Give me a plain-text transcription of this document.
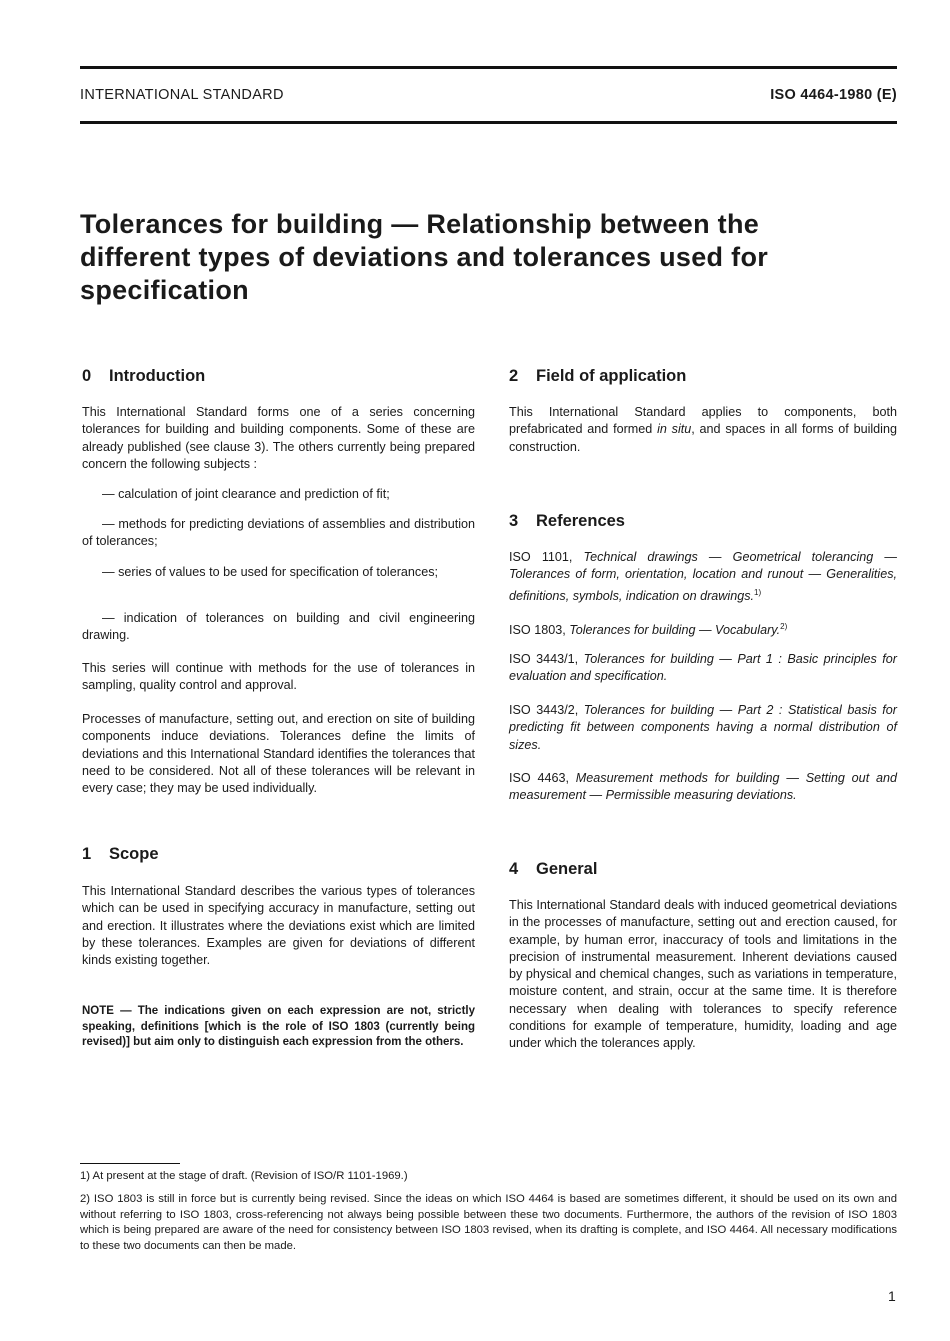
INTERNATIONAL STANDARD	ISO 4464-1980 (E)
Tolerances for building — Relationship between the
different types of deviations and tolerances used for
specification
0 Introduction

This International Standard forms one of a series concerning tolerances for building and building components. Some of these are already published (see clause 3). The others currently being prepared concern the following subjects :

— calculation of joint clearance and prediction of fit;

— methods for predicting deviations of assemblies and distribution of tolerances;

— series of values to be used for specification of tolerances;

— indication of tolerances on building and civil engineering drawing.

This series will continue with methods for the use of tolerances in sampling, quality control and approval.

Processes of manufacture, setting out, and erection on site of building components induce deviations. Tolerances define the limits of deviations and this International Standard identifies the tolerances that need to be considered. Not all of these tolerances will be relevant in every case; they may be used individually.

1 Scope

This International Standard describes the various types of tolerances which can be used in specifying accuracy in manufacture, setting out and erection. It illustrates where the deviations exist which are limited by these tolerances. Examples are given for deviations of different kinds existing together.

NOTE — The indications given on each expression are not, strictly speaking, definitions [which is the role of ISO 1803 (currently being revised)] but aim only to distinguish each expression from the others.

2 Field of application

This International Standard applies to components, both prefabricated and formed in situ, and spaces in all forms of building construction.

3 References

ISO 1101, Technical drawings — Geometrical tolerancing — Tolerances of form, orientation, location and runout — Generalities, definitions, symbols, indication on drawings.$^{1)}$

ISO 1803, Tolerances for building — Vocabulary.$^{2)}$

ISO 3443/1, Tolerances for building — Part 1 : Basic principles for evaluation and specification.

ISO 3443/2, Tolerances for building — Part 2 : Statistical basis for predicting fit between components having a normal distribution of sizes.

ISO 4463, Measurement methods for building — Setting out and measurement — Permissible measuring deviations.

4 General

This International Standard deals with induced geometrical deviations in the processes of manufacture, setting out and erection caused, for example, by human error, inaccuracy of tools and limitations in the precision of instrumental measurement. Inherent deviations caused by physical and chemical changes, such as variations in temperature, moisture content, and strain, occur at the same time. It is therefore necessary when dealing with tolerances to specify reference conditions for example of temperature, humidity, loading and age under which the tolerances apply.

1) At present at the stage of draft. (Revision of ISO/R 1101-1969.)
2) ISO 1803 is still in force but is currently being revised. Since the ideas on which ISO 4464 is based are sometimes different, it should be used on its own and without referring to ISO 1803, cross-referencing not always being possible between these two documents. Furthermore, the authors of the revision of ISO 1803 which is being prepared are aware of the need for consistency between ISO 1803 revised, when its drafting is complete, and ISO 4464. All necessary modifications to these two documents can then be made.
1
